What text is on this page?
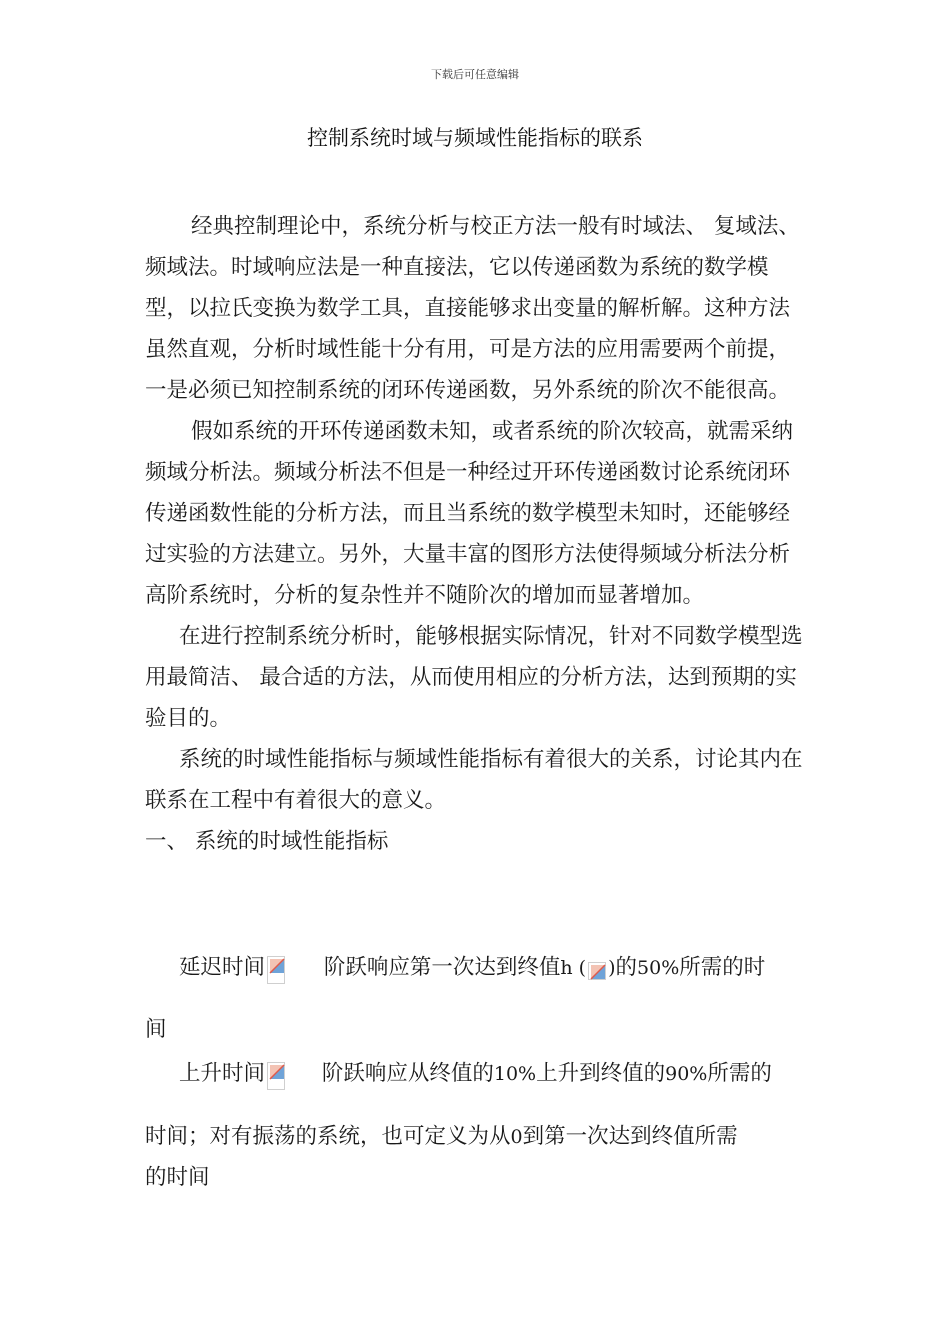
下载后可任意编辑
控制系统时域与频域性能指标的联系

经典控制理论中，系统分析与校正方法一般有时域法、 复域法、 频域法。时域响应法是一种直接法，它以传递函数为系统的数学模型，以拉氏变换为数学工具，直接能够求出变量的解析解。这种方法虽然直观，分析时域性能十分有用，可是方法的应用需要两个前提，一是必须已知控制系统的闭环传递函数，另外系统的阶次不能很高。

假如系统的开环传递函数未知，或者系统的阶次较高，就需采纳频域分析法。频域分析法不但是一种经过开环传递函数讨论系统闭环传递函数性能的分析方法，而且当系统的数学模型未知时，还能够经过实验的方法建立。另外，大量丰富的图形方法使得频域分析法分析高阶系统时，分析的复杂性并不随阶次的增加而显著增加。

在进行控制系统分析时，能够根据实际情况，针对不同数学模型选用最简洁、 最合适的方法，从而使用相应的分析方法，达到预期的实验目的。

系统的时域性能指标与频域性能指标有着很大的关系，讨论其内在联系在工程中有着很大的意义。

一、 系统的时域性能指标

延迟时间	阶跃响应第一次达到终值h ( )的50%所需的时
间
上升时间	阶跃响应从终值的10%上升到终值的90%所需的
时间；对有振荡的系统，也可定义为从0到第一次达到终值所需
的时间
